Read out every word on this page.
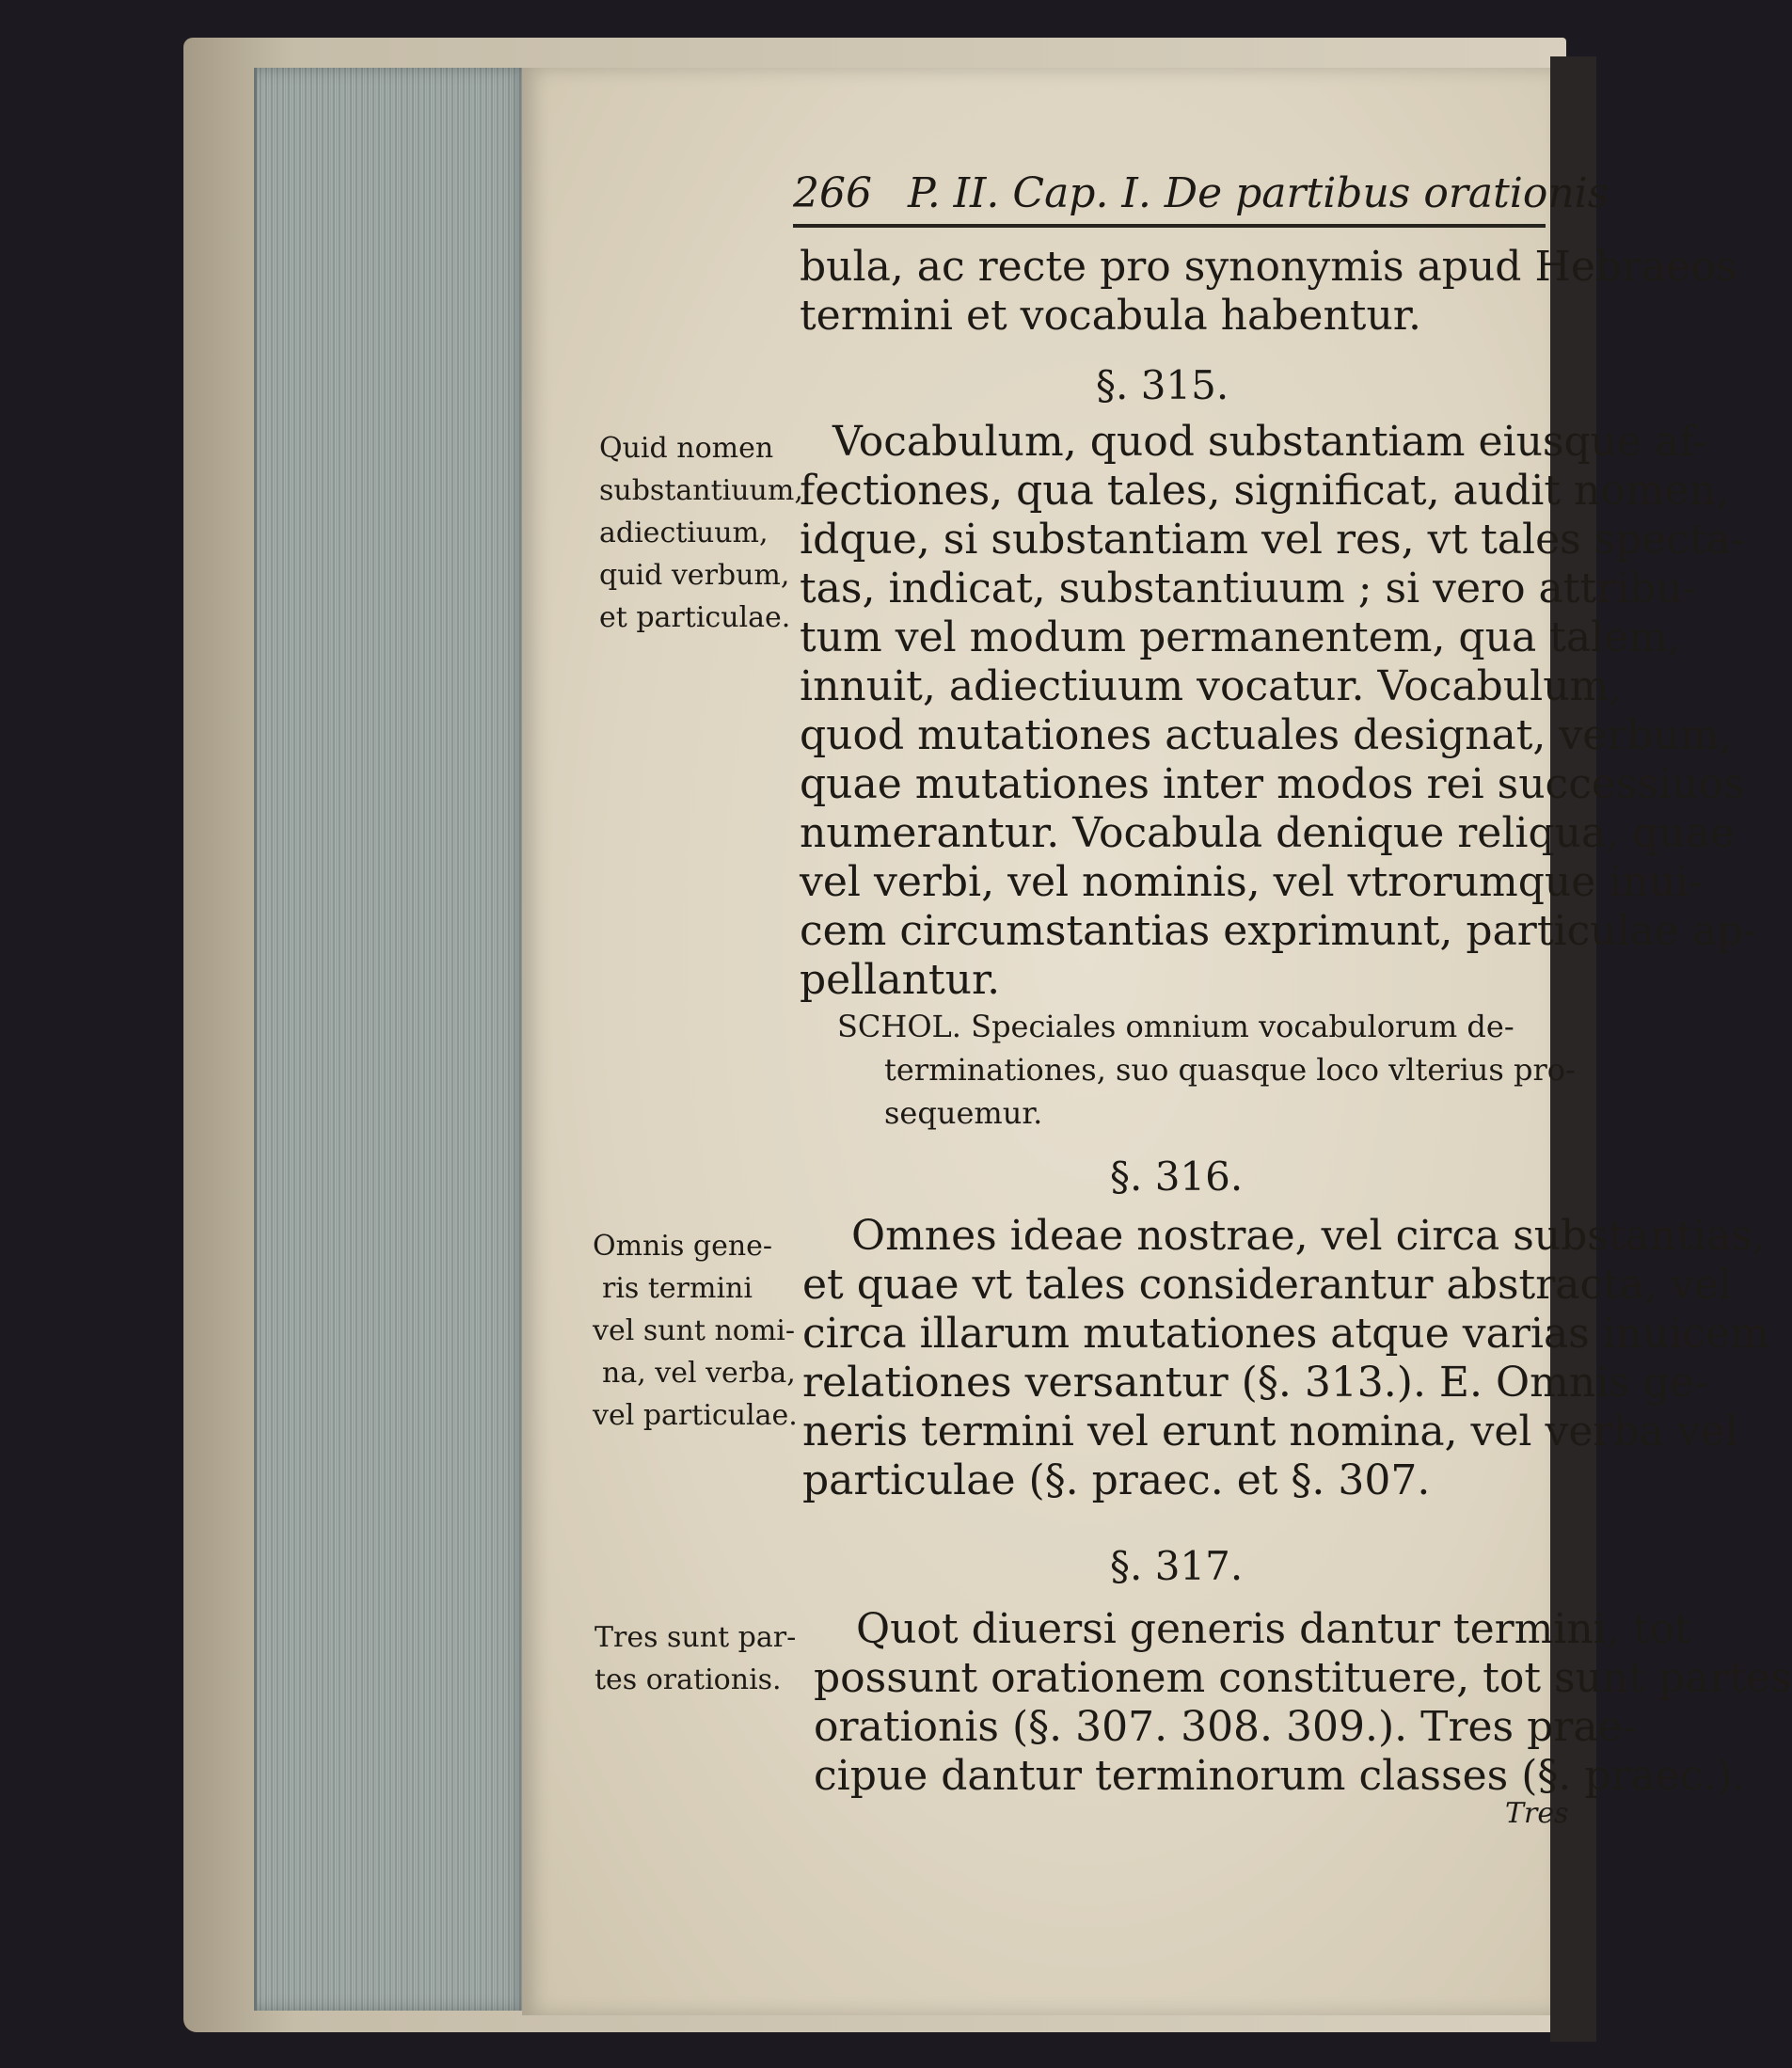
266 P. II. Cap. I. De partibus orationis
bula, ac recte pro synonymis apud Hebraeos
termini et vocabula habentur.
§. 315.
Quid nomen
substantiuum,
adiectiuum,
quid verbum,
et particulae.
Vocabulum, quod substantiam eiusque af-
fectiones, qua tales, significat, audit nomen,
idque, si substantiam vel res, vt tales specta-
tas, indicat, substantiuum ; si vero attribu-
tum vel modum permanentem, qua talem,
innuit, adiectiuum vocatur. Vocabulum,
quod mutationes actuales designat, verbum,
quae mutationes inter modos rei successiuos
numerantur. Vocabula denique reliqua, quae
vel verbi, vel nominis, vel vtrorumque inui-
cem circumstantias exprimunt, particulae ap-
pellantur.
SCHOL. Speciales omnium vocabulorum de-
terminationes, suo quasque loco vlterius pro-
sequemur.
§. 316.
Omnis gene-
ris termini
vel sunt nomi-
na, vel verba,
vel particulae.
Omnes ideae nostrae, vel circa substantias,
et quae vt tales considerantur abstracta, vel
circa illarum mutationes atque varias inuicem
relationes versantur (§. 313.). E. Omnis ge-
neris termini vel erunt nomina, vel verba vel
particulae (§. praec. et §. 307.
§. 317.
Tres sunt par-
tes orationis.
Quot diuersi generis dantur termini, tot
possunt orationem constituere, tot sunt partes
orationis (§. 307. 308. 309.). Tres prae-
cipue dantur terminorum classes (§. praec.).
Tres
